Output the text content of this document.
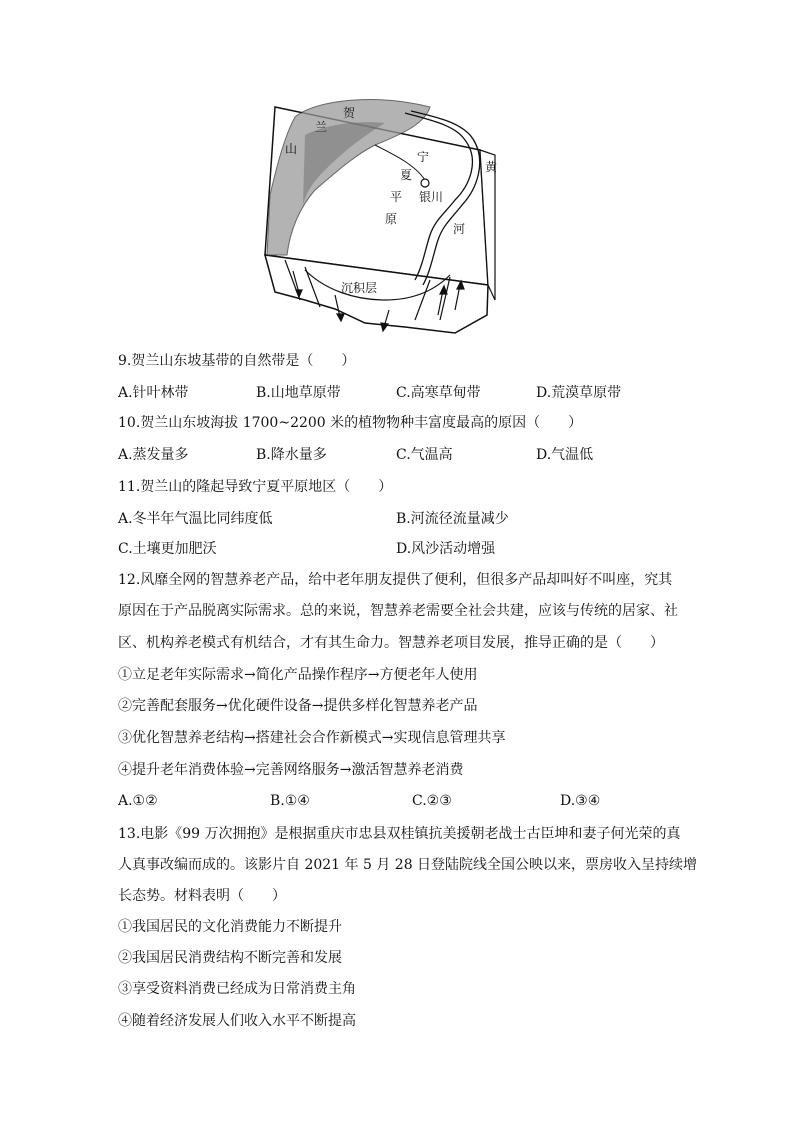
贺
兰
山
宁
夏
银川
平
原
黄
河
沉积层
9.贺兰山东坡基带的自然带是（　　）
A.针叶林带	B.山地草原带	C.高寒草甸带	D.荒漠草原带
10.贺兰山东坡海拔 1700~2200 米的植物物种丰富度最高的原因（　　）
A.蒸发量多	B.降水量多	C.气温高	D.气温低
11.贺兰山的隆起导致宁夏平原地区（　　）
A.冬半年气温比同纬度低	B.河流径流量减少
C.土壤更加肥沃	D.风沙活动增强
12.风靡全网的智慧养老产品，给中老年朋友提供了便利，但很多产品却叫好不叫座，究其
原因在于产品脱离实际需求。总的来说，智慧养老需要全社会共建，应该与传统的居家、社
区、机构养老模式有机结合，才有其生命力。智慧养老项目发展，推导正确的是（　　）
①立足老年实际需求→简化产品操作程序→方便老年人使用
②完善配套服务→优化硬件设备→提供多样化智慧养老产品
③优化智慧养老结构→搭建社会合作新模式→实现信息管理共享
④提升老年消费体验→完善网络服务→激活智慧养老消费
A.①②	B.①④	C.②③	D.③④
13.电影《99 万次拥抱》是根据重庆市忠县双桂镇抗美援朝老战士古臣坤和妻子何光荣的真
人真事改编而成的。该影片自 2021 年 5 月 28 日登陆院线全国公映以来，票房收入呈持续增
长态势。材料表明（　　）
①我国居民的文化消费能力不断提升
②我国居民消费结构不断完善和发展
③享受资料消费已经成为日常消费主角
④随着经济发展人们收入水平不断提高
